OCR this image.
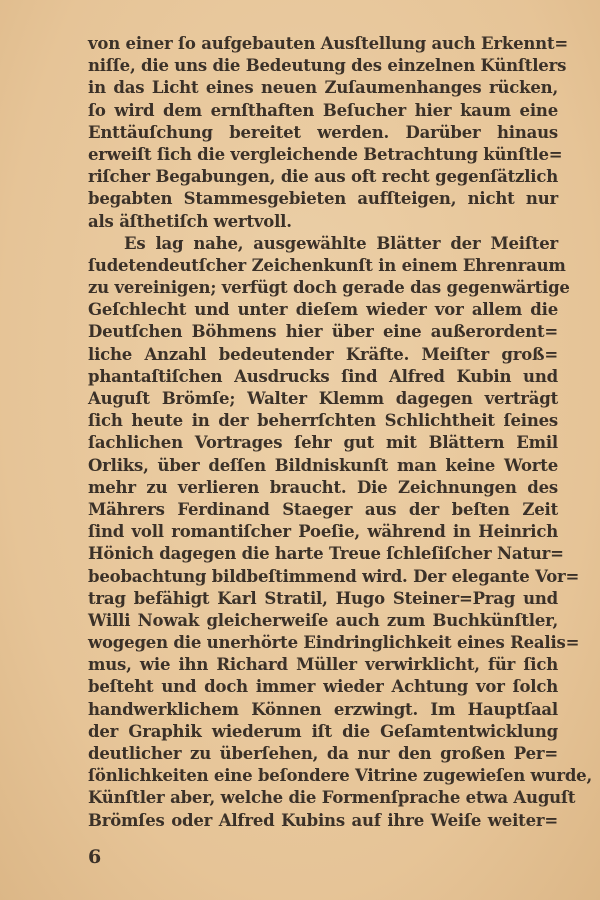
von einer ſo aufgebauten Ausſtellung auch Erkennt=
niſſe, die uns die Bedeutung des einzelnen Künſtlers
in das Licht eines neuen Zuſaumenhanges rücken,
ſo wird dem ernſthaften Beſucher hier kaum eine
Enttäuſchung bereitet werden. Darüber hinaus
erweiſt ſich die vergleichende Betrachtung künſtle=
riſcher Begabungen, die aus oft recht gegenſätzlich
begabten Stammesgebieten aufſteigen, nicht nur
als äſthetiſch wertvoll.
Es lag nahe, ausgewählte Blätter der Meiſter
ſudetendeutſcher Zeichenkunſt in einem Ehrenraum
zu vereinigen; verfügt doch gerade das gegenwärtige
Geſchlecht und unter dieſem wieder vor allem die
Deutſchen Böhmens hier über eine außerordent=
liche Anzahl bedeutender Kräfte. Meiſter groß=
phantaſtiſchen Ausdrucks ſind Alfred Kubin und
Auguſt Brömſe; Walter Klemm dagegen verträgt
ſich heute in der beherrſchten Schlichtheit ſeines
ſachlichen Vortrages ſehr gut mit Blättern Emil
Orliks, über deſſen Bildniskunſt man keine Worte
mehr zu verlieren braucht. Die Zeichnungen des
Mährers Ferdinand Staeger aus der beſten Zeit
ſind voll romantiſcher Poeſie, während in Heinrich
Hönich dagegen die harte Treue ſchleſiſcher Natur=
beobachtung bildbeſtimmend wird. Der elegante Vor=
trag befähigt Karl Stratil, Hugo Steiner=Prag und
Willi Nowak gleicherweiſe auch zum Buchkünſtler,
wogegen die unerhörte Eindringlichkeit eines Realis=
mus, wie ihn Richard Müller verwirklicht, für ſich
beſteht und doch immer wieder Achtung vor ſolch
handwerklichem Können erzwingt. Im Hauptſaal
der Graphik wiederum iſt die Geſamtentwicklung
deutlicher zu überſehen, da nur den großen Per=
ſönlichkeiten eine beſondere Vitrine zugewieſen wurde,
Künſtler aber, welche die Formenſprache etwa Auguſt
Brömſes oder Alfred Kubins auf ihre Weiſe weiter=
6
